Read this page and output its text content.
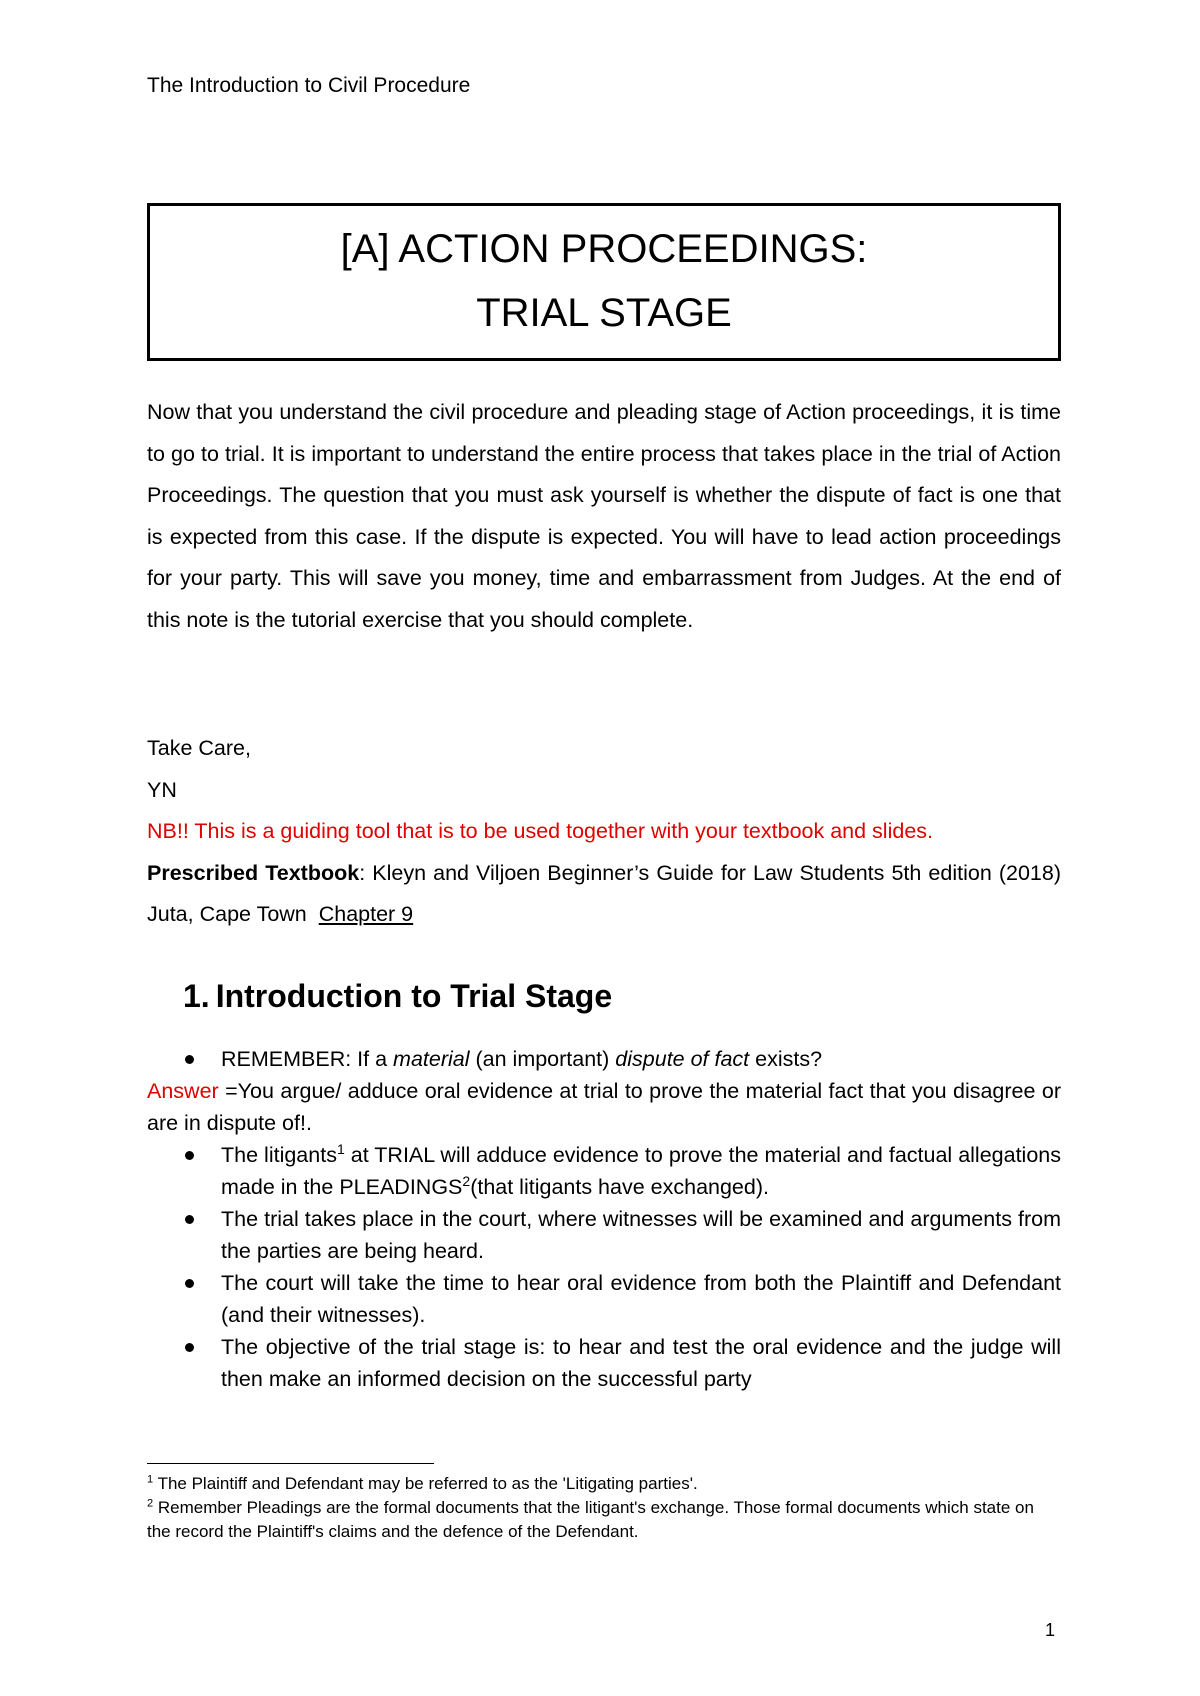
The Introduction to Civil Procedure
[A] ACTION PROCEEDINGS:
TRIAL STAGE

Now that you understand the civil procedure and pleading stage of Action proceedings, it is time to go to trial. It is important to understand the entire process that takes place in the trial of Action Proceedings. The question that you must ask yourself is whether the dispute of fact is one that is expected from this case. If the dispute is expected. You will have to lead action proceedings for your party. This will save you money, time and embarrassment from Judges. At the end of this note is the tutorial exercise that you should complete.

Take Care,

YN

NB!! This is a guiding tool that is to be used together with your textbook and slides.

Prescribed Textbook: Kleyn and Viljoen Beginner’s Guide for Law Students 5th edition (2018) Juta, Cape Town Chapter 9

1. Introduction to Trial Stage
REMEMBER: If a material (an important) dispute of fact exists?
Answer =You argue/ adduce oral evidence at trial to prove the material fact that you disagree or are in dispute of!.
The litigants$^1$ at TRIAL will adduce evidence to prove the material and factual allegations made in the PLEADINGS$^2$(that litigants have exchanged).
The trial takes place in the court, where witnesses will be examined and arguments from the parties are being heard.
The court will take the time to hear oral evidence from both the Plaintiff and Defendant (and their witnesses).
The objective of the trial stage is: to hear and test the oral evidence and the judge will then make an informed decision on the successful party

$^1$ The Plaintiff and Defendant may be referred to as the 'Litigating parties'.

$^2$ Remember Pleadings are the formal documents that the litigant's exchange. Those formal documents which state on the record the Plaintiff's claims and the defence of the Defendant.

1
